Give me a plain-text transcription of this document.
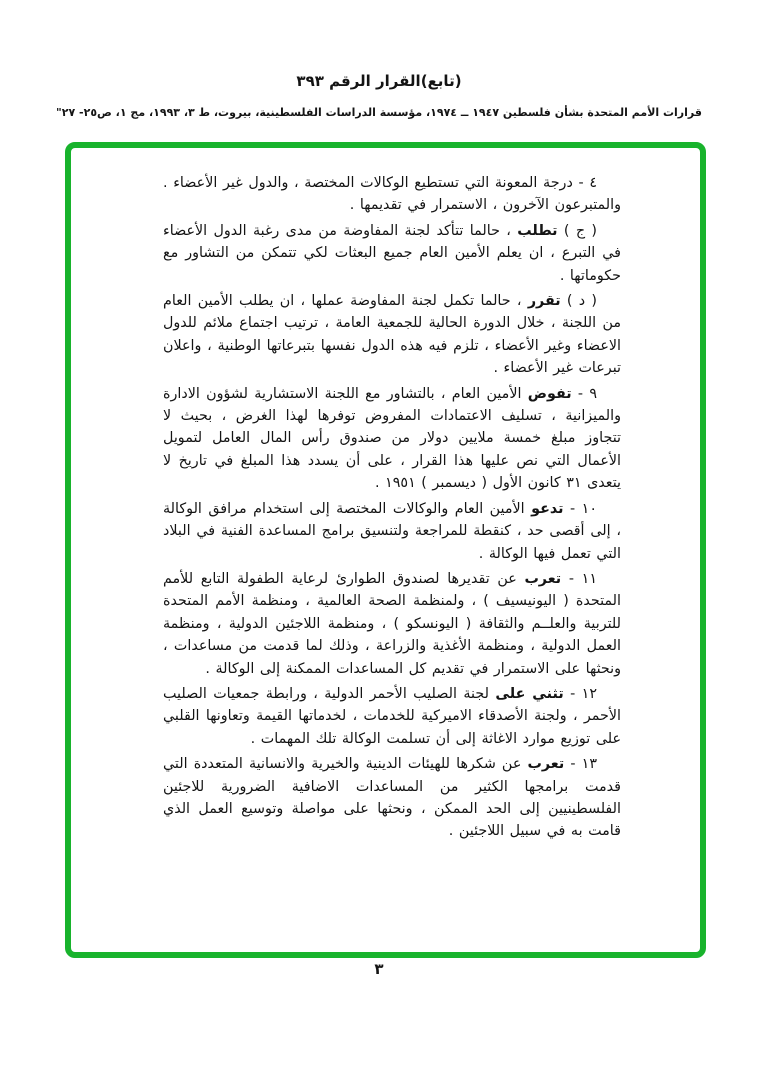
(تابع)القرار الرقم ٣٩٣
قرارات الأمم المتحدة بشأن فلسطين ١٩٤٧ ــ ١٩٧٤، مؤسسة الدراسات الفلسطينية، بيروت، ط ٣، ١٩٩٣، مج ١، ص٢٥- ٢٧"

٤ - درجة المعونة التي تستطيع الوكالات المختصة ، والدول غير الأعضاء . والمتبرعون الآخرون ، الاستمرار في تقديمها .

( ج ) تطلب ، حالما تتأكد لجنة المفاوضة من مدى رغبة الدول الأعضاء في التبرع ، ان يعلم الأمين العام جميع البعثات لكي تتمكن من التشاور مع حكوماتها .

( د ) تقرر ، حالما تكمل لجنة المفاوضة عملها ، ان يطلب الأمين العام من اللجنة ، خلال الدورة الحالية للجمعية العامة ، ترتيب اجتماع ملائم للدول الاعضاء وغير الأعضاء ، تلزم فيه هذه الدول نفسها بتبرعاتها الوطنية ، واعلان تبرعات غير الأعضاء .

٩ - تفوض الأمين العام ، بالتشاور مع اللجنة الاستشارية لشؤون الادارة والميزانية ، تسليف الاعتمادات المفروض توفرها لهذا الغرض ، بحيث لا تتجاوز مبلغ خمسة ملايين دولار من صندوق رأس المال العامل لتمويل الأعمال التي نص عليها هذا القرار ، على أن يسدد هذا المبلغ في تاريخ لا يتعدى ٣١ كانون الأول ( ديسمبر ) ١٩٥١ .

١٠ - تدعو الأمين العام والوكالات المختصة إلى استخدام مرافق الوكالة ، إلى أقصى حد ، كنقطة للمراجعة ولتنسيق برامج المساعدة الفنية في البلاد التي تعمل فيها الوكالة .

١١ - تعرب عن تقديرها لصندوق الطوارئ لرعاية الطفولة التابع للأمم المتحدة ( اليونيسيف ) ، ولمنظمة الصحة العالمية ، ومنظمة الأمم المتحدة للتربية والعلــم والثقافة ( اليونسكو ) ، ومنظمة اللاجئين الدولية ، ومنظمة العمل الدولية ، ومنظمة الأغذية والزراعة ، وذلك لما قدمت من مساعدات ، ونحثها على الاستمرار في تقديم كل المساعدات الممكنة إلى الوكالة .

١٢ - تثني على لجنة الصليب الأحمر الدولية ، ورابطة جمعيات الصليب الأحمر ، ولجنة الأصدقاء الاميركية للخدمات ، لخدماتها القيمة وتعاونها القلبي على توزيع موارد الاغاثة إلى أن تسلمت الوكالة تلك المهمات .

١٣ - تعرب عن شكرها للهيئات الدينية والخيرية والانسانية المتعددة التي قدمت برامجها الكثير من المساعدات الاضافية الضرورية للاجئين الفلسطينيين إلى الحد الممكن ، ونحثها على مواصلة وتوسيع العمل الذي قامت به في سبيل اللاجئين .

٣
